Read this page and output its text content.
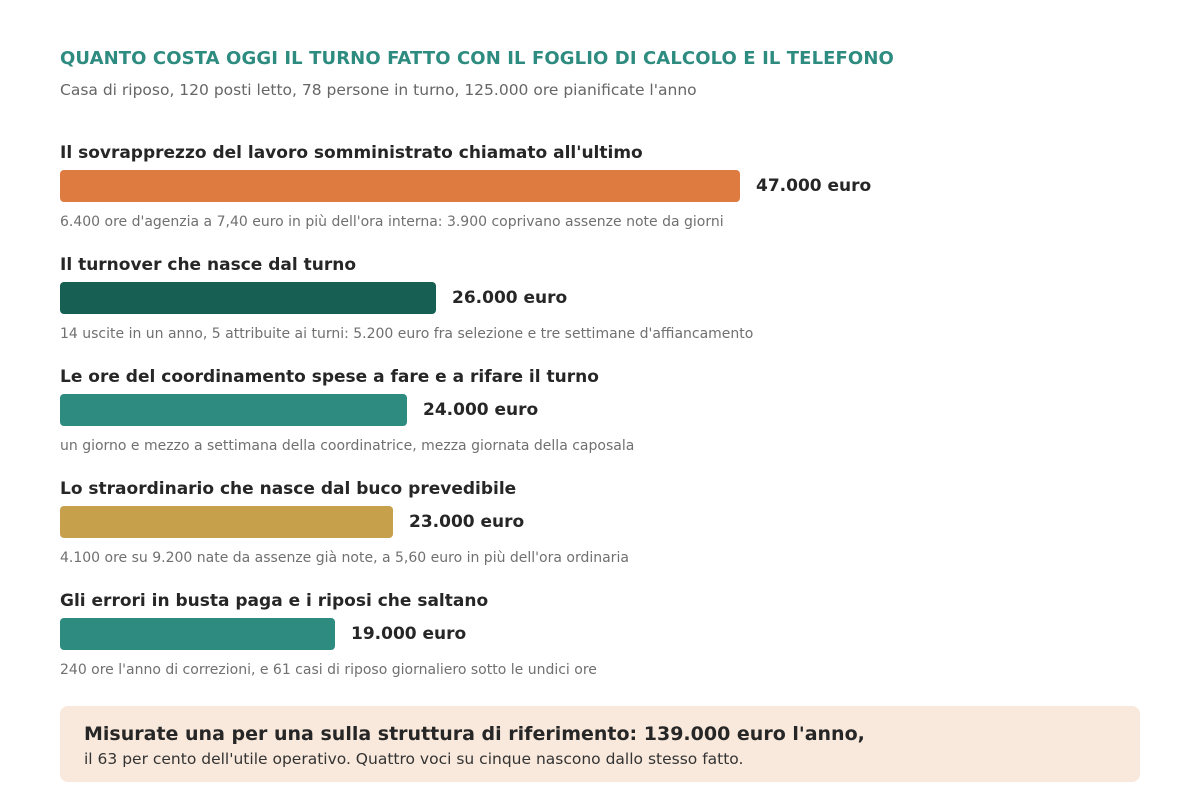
QUANTO COSTA OGGI IL TURNO FATTO CON IL FOGLIO DI CALCOLO E IL TELEFONO
Casa di riposo, 120 posti letto, 78 persone in turno, 125.000 ore pianificate l'anno
Il sovrapprezzo del lavoro somministrato chiamato all'ultimo
47.000 euro
6.400 ore d'agenzia a 7,40 euro in più dell'ora interna: 3.900 coprivano assenze note da giorni
Il turnover che nasce dal turno
26.000 euro
14 uscite in un anno, 5 attribuite ai turni: 5.200 euro fra selezione e tre settimane d'affiancamento
Le ore del coordinamento spese a fare e a rifare il turno
24.000 euro
un giorno e mezzo a settimana della coordinatrice, mezza giornata della caposala
Lo straordinario che nasce dal buco prevedibile
23.000 euro
4.100 ore su 9.200 nate da assenze già note, a 5,60 euro in più dell'ora ordinaria
Gli errori in busta paga e i riposi che saltano
19.000 euro
240 ore l'anno di correzioni, e 61 casi di riposo giornaliero sotto le undici ore
Misurate una per una sulla struttura di riferimento: 139.000 euro l'anno,
il 63 per cento dell'utile operativo. Quattro voci su cinque nascono dallo stesso fatto.
